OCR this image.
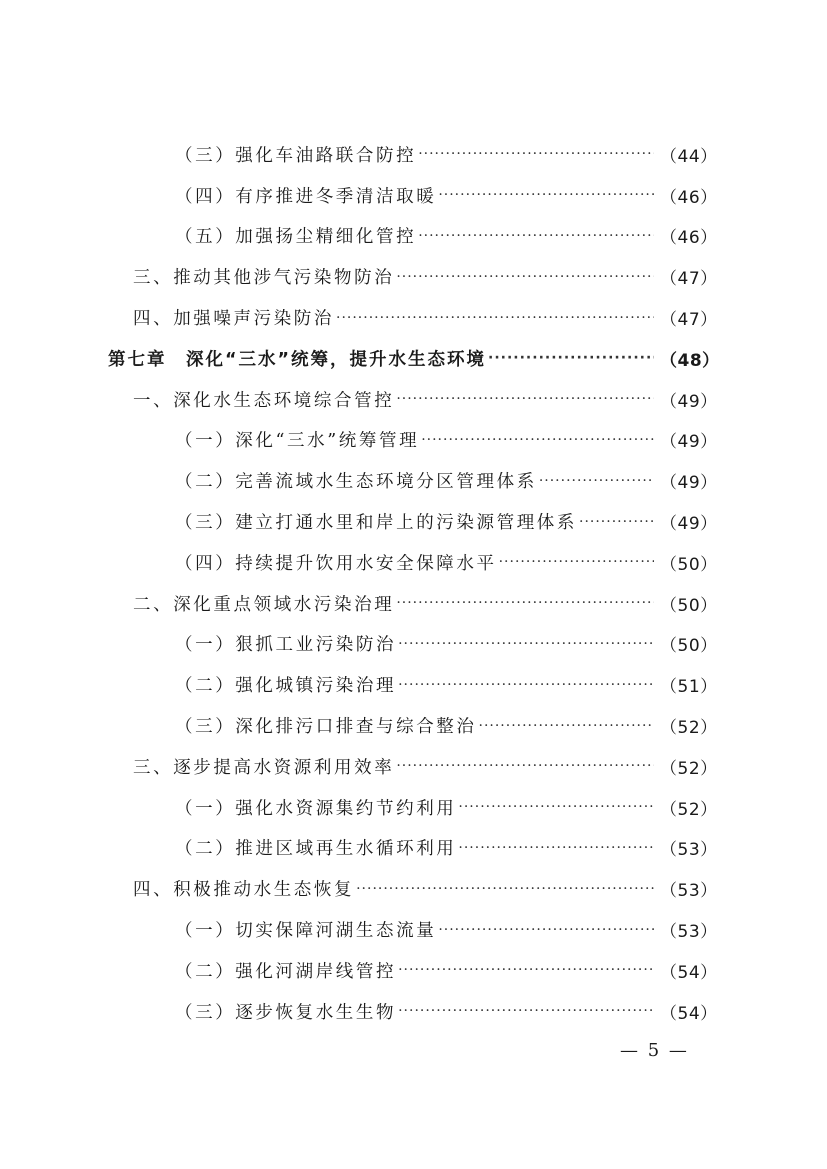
（三）强化车油路联合防控 ·····	（44）
（四）有序推进冬季清洁取暖 ·····	（46）
（五）加强扬尘精细化管控 ·····	（46）
三、推动其他涉气污染物防治 ·····	（47）
四、加强噪声污染防治 ·····	（47）
第七章　深化“三水”统筹，提升水生态环境 ·····	（48）
一、深化水生态环境综合管控 ·····	（49）
（一）深化“三水”统筹管理 ·····	（49）
（二）完善流域水生态环境分区管理体系 ·····	（49）
（三）建立打通水里和岸上的污染源管理体系 ·····	（49）
（四）持续提升饮用水安全保障水平 ·····	（50）
二、深化重点领域水污染治理 ·····	（50）
（一）狠抓工业污染防治 ·····	（50）
（二）强化城镇污染治理 ·····	（51）
（三）深化排污口排查与综合整治 ·····	（52）
三、逐步提高水资源利用效率 ·····	（52）
（一）强化水资源集约节约利用 ·····	（52）
（二）推进区域再生水循环利用 ·····	（53）
四、积极推动水生态恢复 ·····	（53）
（一）切实保障河湖生态流量 ·····	（53）
（二）强化河湖岸线管控 ·····	（54）
（三）逐步恢复水生生物 ·····	（54）
— 5 —
